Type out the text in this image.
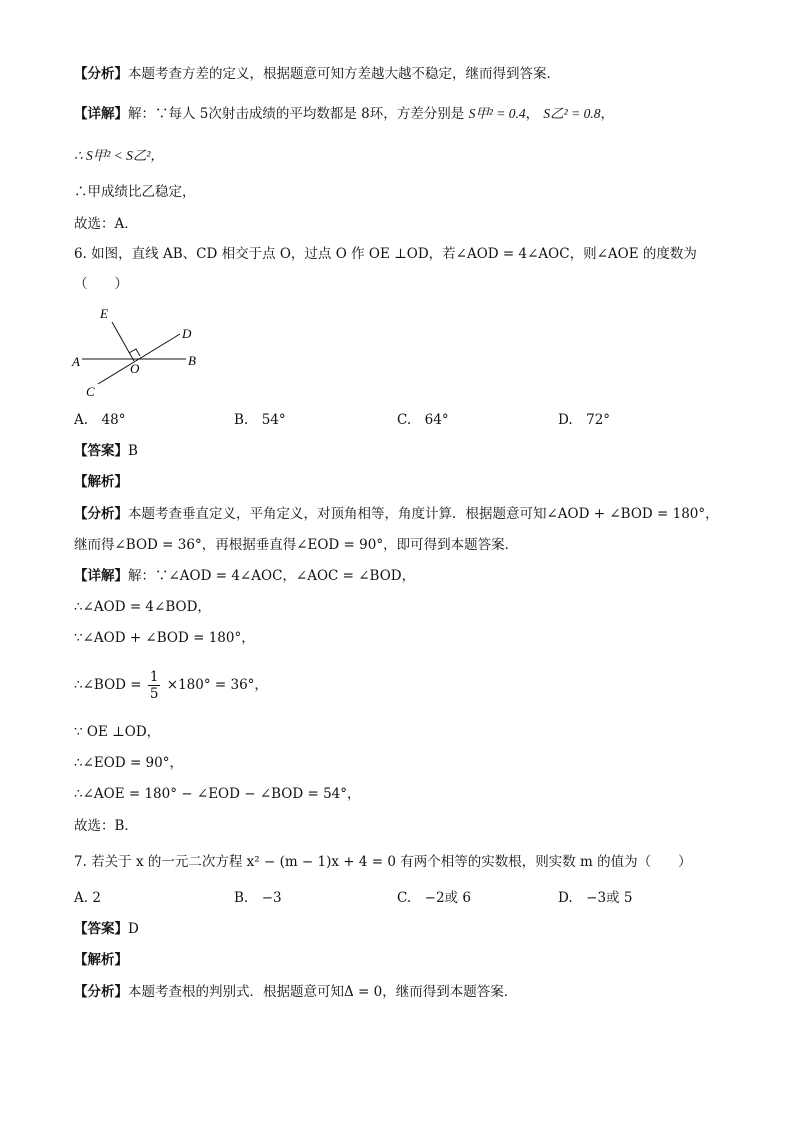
【分析】本题考查方差的定义，根据题意可知方差越大越不稳定，继而得到答案．
【详解】解：∵每人 5次射击成绩的平均数都是 8环，方差分别是 S甲² = 0.4， S乙² = 0.8，
∴ S甲² < S乙²，
∴甲成绩比乙稳定，
故选：A．
6. 如图，直线 AB、CD 相交于点 O，过点 O 作 OE ⊥OD，若∠AOD = 4∠AOC，则∠AOE 的度数为
（　　）
E
D
A	B
O
C
A.　48°	B.　54°	C.　64°	D.　72°
【答案】B
【解析】
【分析】本题考查垂直定义，平角定义，对顶角相等，角度计算．根据题意可知∠AOD + ∠BOD = 180°，
继而得∠BOD = 36°，再根据垂直得∠EOD = 90°，即可得到本题答案．
【详解】解：∵∠AOD = 4∠AOC，∠AOC = ∠BOD，
∴∠AOD = 4∠BOD，
∵∠AOD + ∠BOD = 180°，
∴∠BOD = $\frac{1}{5} \times 180^\circ = 36^\circ$，
∵ OE ⊥OD，
∴∠EOD = 90°，
∴∠AOE = 180° − ∠EOD − ∠BOD = 54°，
故选：B．
7. 若关于 x 的一元二次方程 x² − (m − 1)x + 4 = 0 有两个相等的实数根，则实数 m 的值为（　　）
A. 2	B.　−3	C.　−2或 6	D.　−3或 5
【答案】D
【解析】
【分析】本题考查根的判别式．根据题意可知Δ = 0，继而得到本题答案．
